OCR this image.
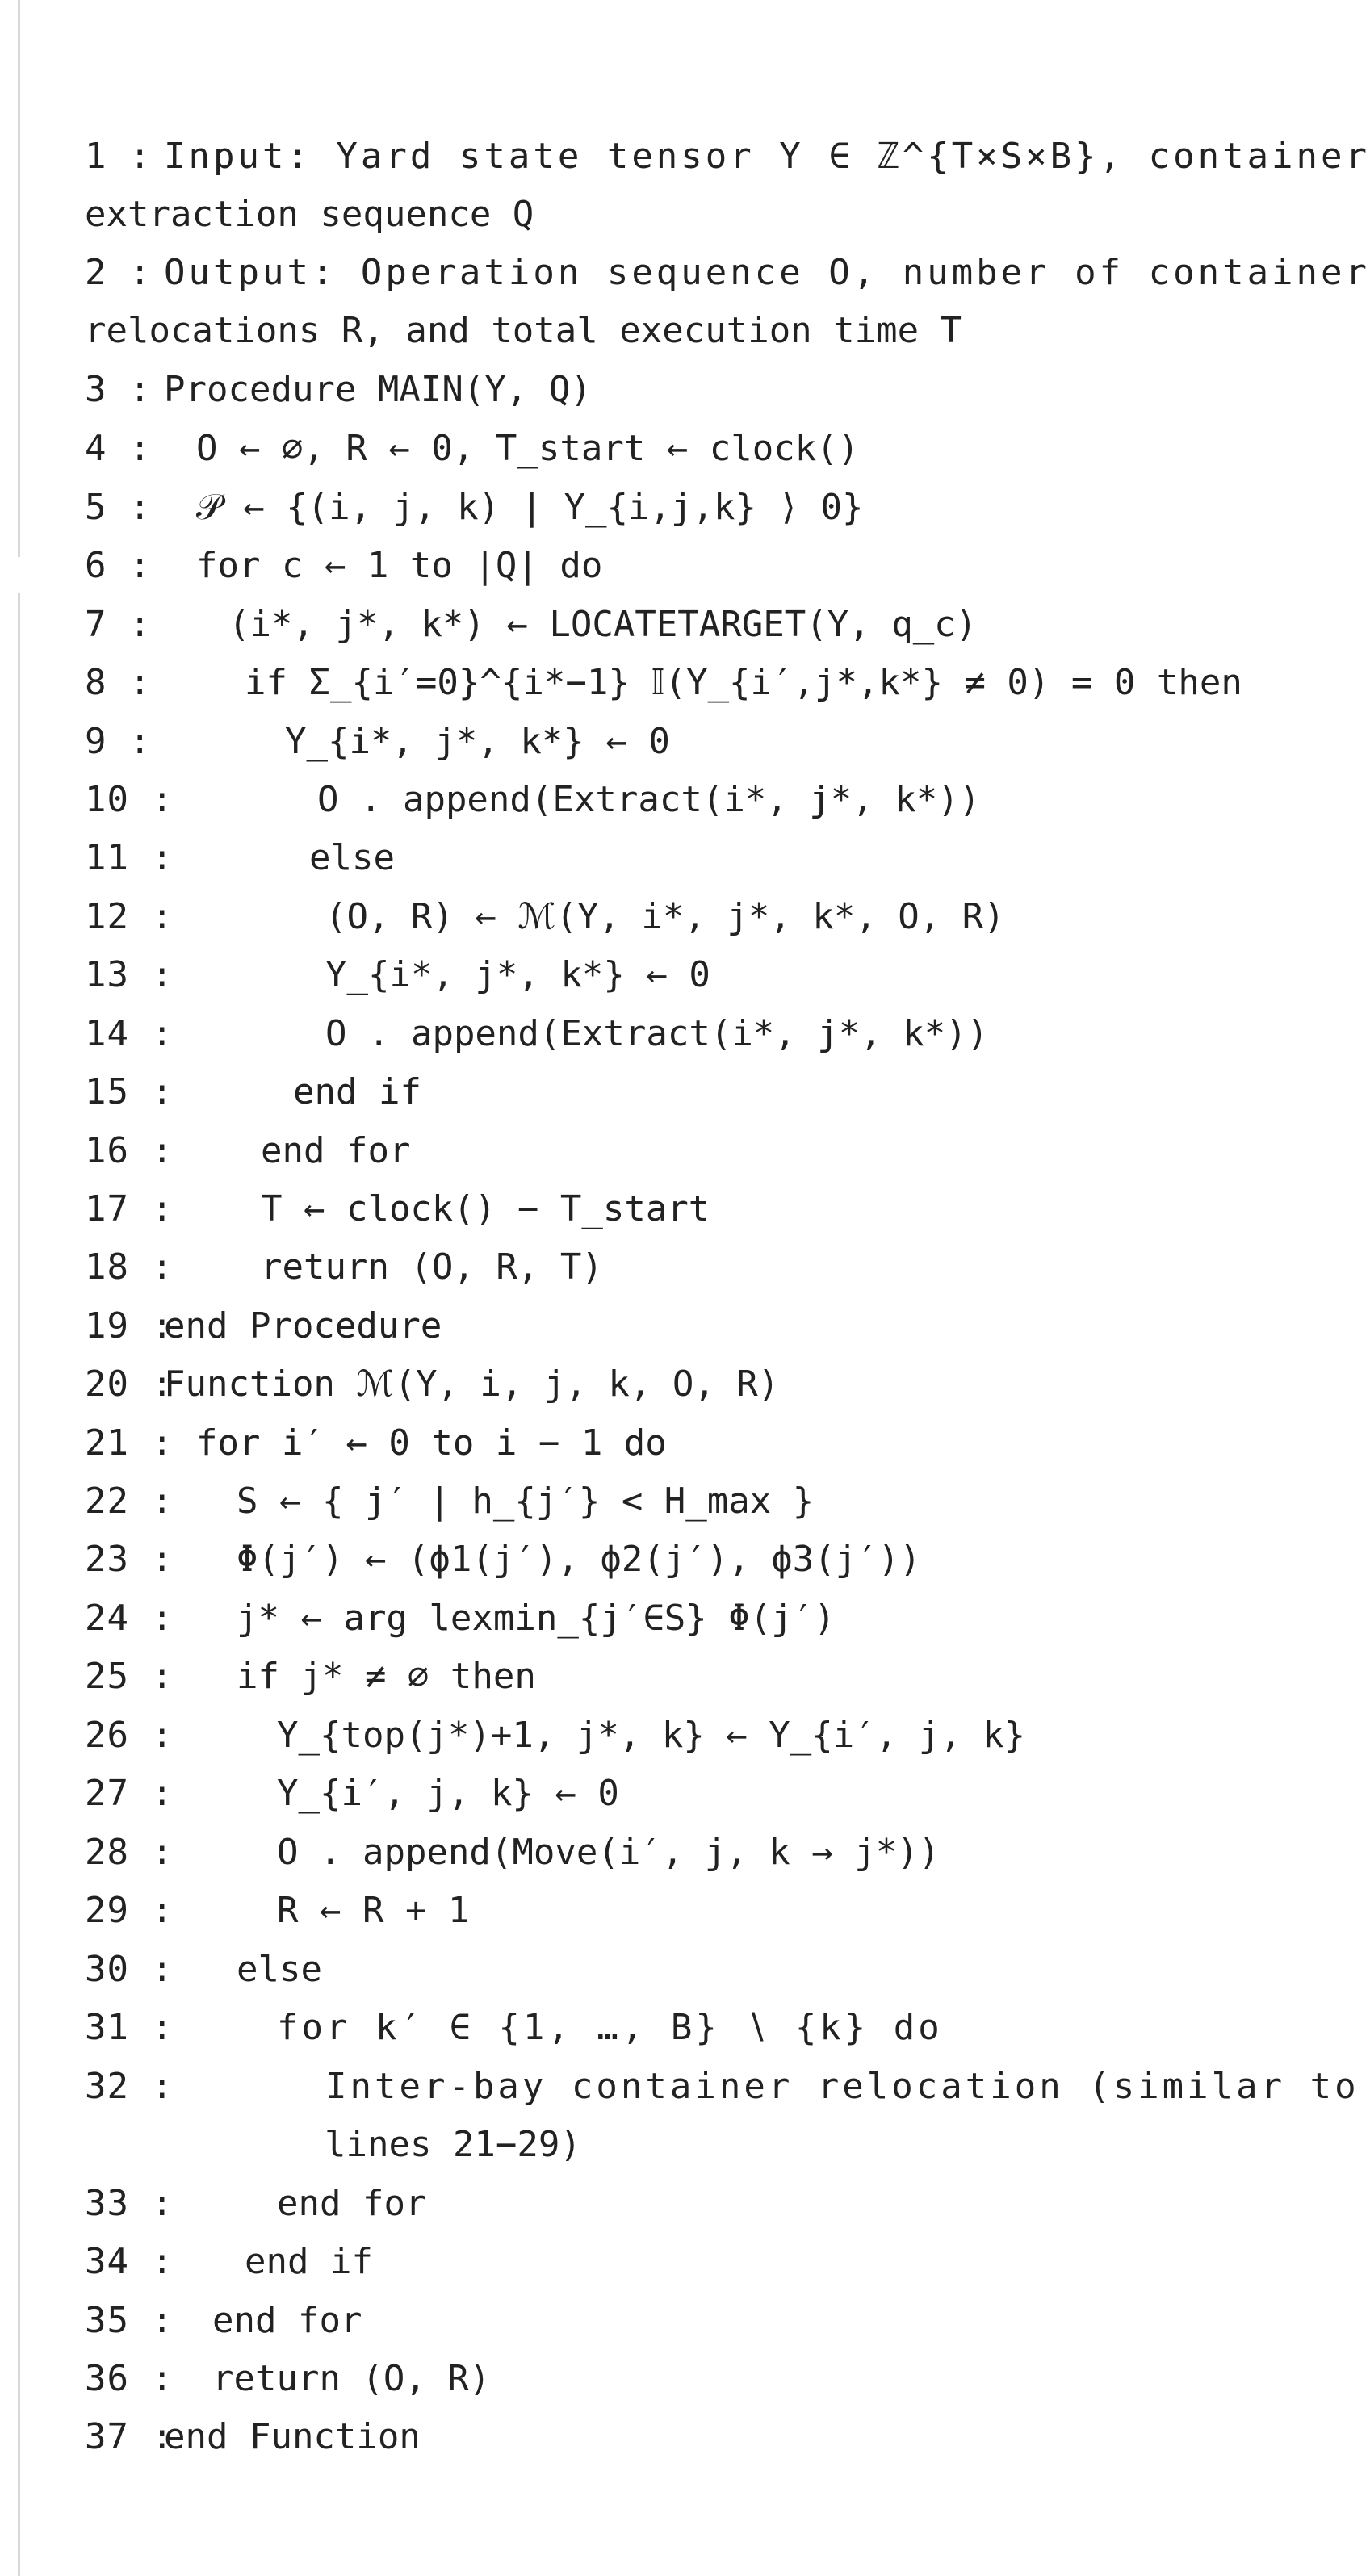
1 : Input: Yard state tensor Y ∈ ℤ^{T×S×B}, container
extraction sequence Q
2 : Output: Operation sequence O, number of container
relocations R, and total execution time T
3 : Procedure MAIN(Y, Q)
4 :	O ← ∅, R ← 0, T_start ← clock()
5 :	𝒫 ← {(i, j, k) | Y_{i,j,k} ⟩ 0}
6 :	for c ← 1 to |Q| do
7 :	(i*, j*, k*) ← LOCATETARGET(Y, q_c)
8 :	if Σ_{i′=0}^{i*−1} 𝕀(Y_{i′,j*,k*} ≠ 0) = 0 then
9 :	Y_{i*, j*, k*} ← 0
10 :	O . append(Extract(i*, j*, k*))
11 :	else
12 :	(O, R) ← ℳ(Y, i*, j*, k*, O, R)
13 :	Y_{i*, j*, k*} ← 0
14 :	O . append(Extract(i*, j*, k*))
15 :	end if
16 : end for
17 : T ← clock() − T_start
18 : return (O, R, T)
19 :
end Procedure
20 :
Function ℳ(Y, i, j, k, O, R)
21 : for i′ ← 0 to i − 1 do
22 : S ← { j′ | h_{j′} < H_max }
23 : Φ(j′) ← (ϕ1(j′), ϕ2(j′), ϕ3(j′))
24 : j* ← arg lexmin_{j′∈S} Φ(j′)
25 : if j* ≠ ∅ then
26 :	Y_{top(j*)+1, j*, k} ← Y_{i′, j, k}
27 :	Y_{i′, j, k} ← 0
28 :	O . append(Move(i′, j, k → j*))
29 :	R ← R + 1
30 : else
31 :	for k′ ∈ {1, …, B} ∖ {k} do
32 :	Inter-bay container relocation (similar to
lines 21−29)
33 :	end for
34 : end if
35 : end for
36 : return (O, R)
37 :
end Function
